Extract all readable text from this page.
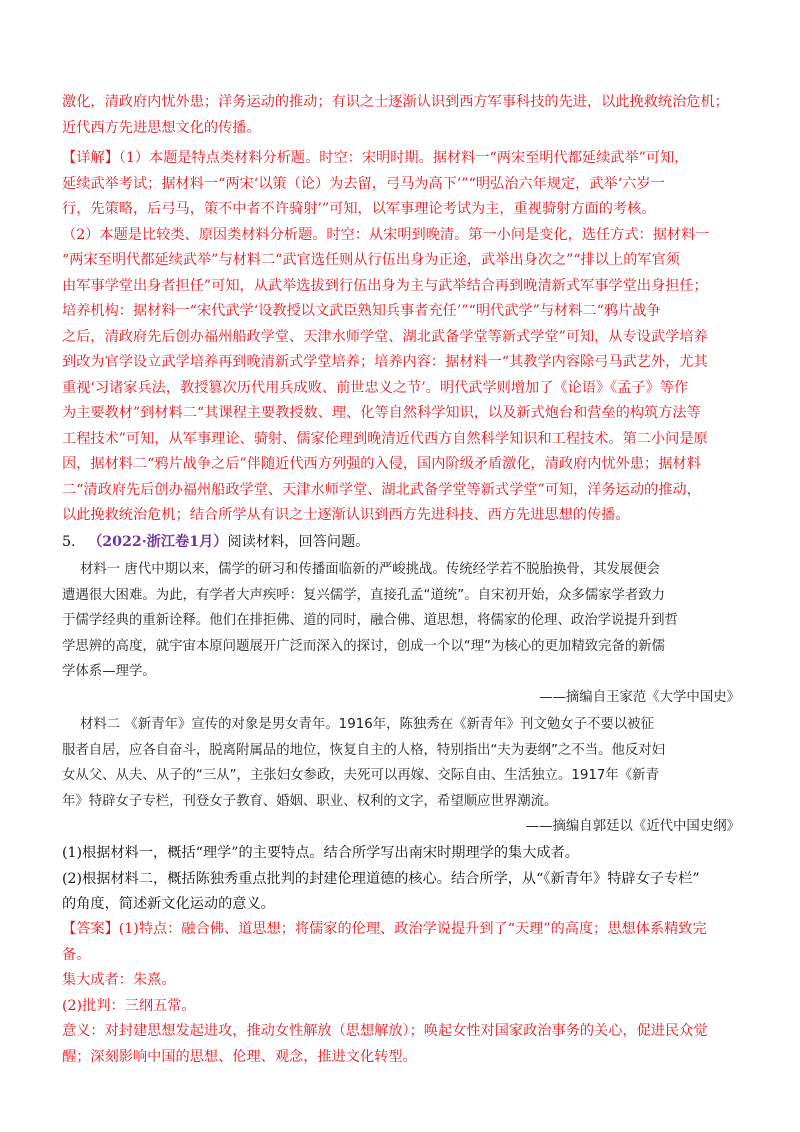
激化，清政府内忧外患；洋务运动的推动；有识之士逐渐认识到西方军事科技的先进，以此挽救统治危机；
近代西方先进思想文化的传播。
【详解】（1）本题是特点类材料分析题。时空：宋明时期。据材料一“两宋至明代都延续武举”可知，
延续武举考试；据材料一“两宋‘以策（论）为去留，弓马为高下’”“明弘治六年规定，武举‘六岁一
行，先策略，后弓马，策不中者不许骑射’”可知，以军事理论考试为主，重视骑射方面的考核。
（2）本题是比较类、原因类材料分析题。时空：从宋明到晚清。第一小问是变化，选任方式：据材料一
“两宋至明代都延续武举”与材料二“武官选任则从行伍出身为正途，武举出身次之”“排以上的军官须
由军事学堂出身者担任”可知，从武举选拔到行伍出身为主与武举结合再到晚清新式军事学堂出身担任；
培养机构：据材料一“宋代武学‘设教授以文武臣熟知兵事者充任’”“明代武学”与材料二“鸦片战争
之后，清政府先后创办福州船政学堂、天津水师学堂、湖北武备学堂等新式学堂”可知，从专设武学培养
到改为官学设立武学培养再到晚清新式学堂培养；培养内容：据材料一“其教学内容除弓马武艺外，尤其
重视‘习诸家兵法，教授篡次历代用兵成败、前世忠义之节’。明代武学则增加了《论语》《孟子》等作
为主要教材”到材料二“其课程主要教授数、理、化等自然科学知识，以及新式炮台和营垒的构筑方法等
工程技术”可知，从军事理论、骑射、儒家伦理到晚清近代西方自然科学知识和工程技术。第二小问是原
因，据材料二“鸦片战争之后”伴随近代西方列强的入侵，国内阶级矛盾激化，清政府内忧外患；据材料
二“清政府先后创办福州船政学堂、天津水师学堂、湖北武备学堂等新式学堂”可知，洋务运动的推动，
以此挽救统治危机；结合所学从有识之士逐渐认识到西方先进科技、西方先进思想的传播。
5. （2022·浙江卷1月）阅读材料，回答问题。
材料一 唐代中期以来，儒学的研习和传播面临新的严峻挑战。传统经学若不脱胎换骨，其发展便会
遭遇很大困难。为此，有学者大声疾呼：复兴儒学，直接孔孟“道统”。自宋初开始，众多儒家学者致力
于儒学经典的重新诠释。他们在排拒佛、道的同时，融合佛、道思想，将儒家的伦理、政治学说提升到哲
学思辨的高度，就宇宙本原问题展开广泛而深入的探讨，创成一个以“理”为核心的更加精致完备的新儒
学体系—理学。
——摘编自王家范《大学中国史》
材料二 《新青年》宣传的对象是男女青年。1916年，陈独秀在《新青年》刊文勉女子不要以被征
服者自居，应各自奋斗，脱离附属品的地位，恢复自主的人格，特别指出“夫为妻纲”之不当。他反对妇
女从父、从夫、从子的“三从”，主张妇女参政，夫死可以再嫁、交际自由、生活独立。1917年《新青
年》特辟女子专栏，刊登女子教育、婚姻、职业、权利的文字，希望顺应世界潮流。
——摘编自郭廷以《近代中国史纲》
(1)根据材料一，概括“理学”的主要特点。结合所学写出南宋时期理学的集大成者。
(2)根据材料二，概括陈独秀重点批判的封建伦理道德的核心。结合所学，从“《新青年》特辟女子专栏”
的角度，简述新文化运动的意义。
【答案】(1)特点：融合佛、道思想；将儒家的伦理、政治学说提升到了“天理”的高度；思想体系精致完
备。
集大成者：朱熹。
(2)批判：三纲五常。
意义：对封建思想发起进攻，推动女性解放（思想解放）；唤起女性对国家政治事务的关心，促进民众觉
醒；深刻影响中国的思想、伦理、观念，推进文化转型。
